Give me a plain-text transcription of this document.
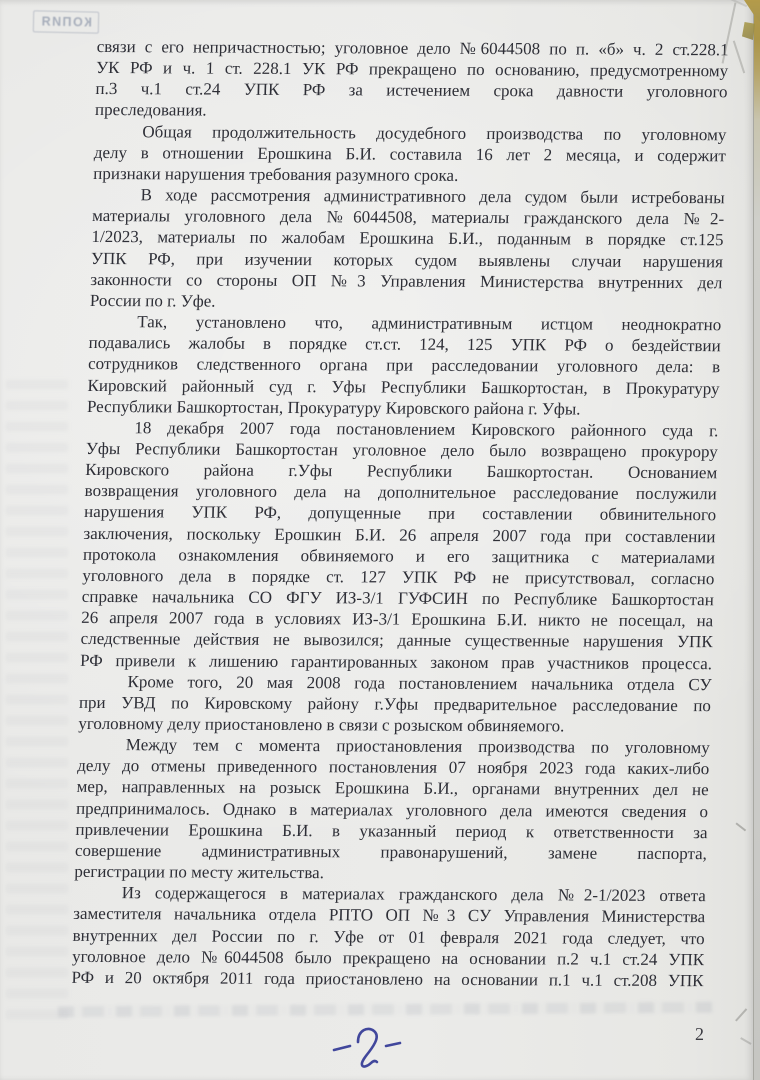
КОПИЯ
связи с его непричастностью; уголовное дело №6044508 по п. «б» ч. 2 ст.228.1
УК РФ и ч. 1 ст. 228.1 УК РФ прекращено по основанию, предусмотренному
п.3 ч.1 ст.24 УПК РФ за истечением срока давности уголовного
преследования.
Общая продолжительность досудебного производства по уголовному
делу в отношении Ерошкина Б.И. составила 16 лет 2 месяца, и содержит
признаки нарушения требования разумного срока.
В ходе рассмотрения административного дела судом были истребованы
материалы уголовного дела №6044508, материалы гражданского дела №2-
1/2023, материалы по жалобам Ерошкина Б.И., поданным в порядке ст.125
УПК РФ, при изучении которых судом выявлены случаи нарушения
законности со стороны ОП №3 Управления Министерства внутренних дел
России по г. Уфе.
Так, установлено что, административным истцом неоднократно
подавались жалобы в порядке ст.ст. 124, 125 УПК РФ о бездействии
сотрудников следственного органа при расследовании уголовного дела: в
Кировский районный суд г. Уфы Республики Башкортостан, в Прокуратуру
Республики Башкортостан, Прокуратуру Кировского района г. Уфы.
18 декабря 2007 года постановлением Кировского районного суда г.
Уфы Республики Башкортостан уголовное дело было возвращено прокурору
Кировского района г.Уфы Республики Башкортостан. Основанием
возвращения уголовного дела на дополнительное расследование послужили
нарушения УПК РФ, допущенные при составлении обвинительного
заключения, поскольку Ерошкин Б.И. 26 апреля 2007 года при составлении
протокола ознакомления обвиняемого и его защитника с материалами
уголовного дела в порядке ст. 127 УПК РФ не присутствовал, согласно
справке начальника СО ФГУ ИЗ-3/1 ГУФСИН по Республике Башкортостан
26 апреля 2007 года в условиях ИЗ-3/1 Ерошкина Б.И. никто не посещал, на
следственные действия не вывозился; данные существенные нарушения УПК
РФ привели к лишению гарантированных законом прав участников процесса.
Кроме того, 20 мая 2008 года постановлением начальника отдела СУ
при УВД по Кировскому району г.Уфы предварительное расследование по
уголовному делу приостановлено в связи с розыском обвиняемого.
Между тем с момента приостановления производства по уголовному
делу до отмены приведенного постановления 07 ноября 2023 года каких-либо
мер, направленных на розыск Ерошкина Б.И., органами внутренних дел не
предпринималось. Однако в материалах уголовного дела имеются сведения о
привлечении Ерошкина Б.И. в указанный период к ответственности за
совершение административных правонарушений, замене паспорта,
регистрации по месту жительства.
Из содержащегося в материалах гражданского дела №2-1/2023 ответа
заместителя начальника отдела РПТО ОП №3 СУ Управления Министерства
внутренних дел России по г. Уфе от 01 февраля 2021 года следует, что
уголовное дело №6044508 было прекращено на основании п.2 ч.1 ст.24 УПК
РФ и 20 октября 2011 года приостановлено на основании п.1 ч.1 ст.208 УПК
2
